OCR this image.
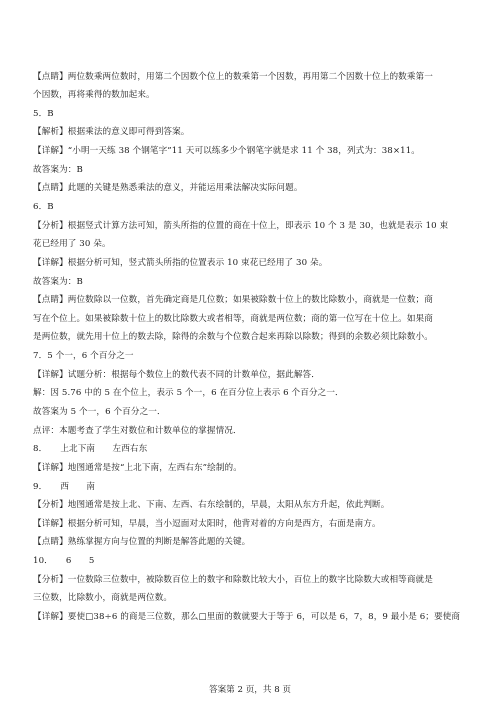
【点睛】两位数乘两位数时，用第二个因数个位上的数乘第一个因数，再用第二个因数十位上的数乘第一
个因数，再将乘得的数加起来。
5．B
【解析】根据乘法的意义即可得到答案。
【详解】“小明一天练 38 个钢笔字”11 天可以练多少个钢笔字就是求 11 个 38，列式为：38×11。
故答案为：B
【点睛】此题的关键是熟悉乘法的意义，并能运用乘法解决实际问题。
6．B
【分析】根据竖式计算方法可知，箭头所指的位置的商在十位上，即表示 10 个 3 是 30，也就是表示 10 束
花已经用了 30 朵。
【详解】根据分析可知，竖式箭头所指的位置表示 10 束花已经用了 30 朵。
故答案为：B
【点睛】两位数除以一位数，首先确定商是几位数；如果被除数十位上的数比除数小，商就是一位数；商
写在个位上。如果被除数十位上的数比除数大或者相等，商就是两位数；商的第一位写在十位上。如果商
是两位数，就先用十位上的数去除，除得的余数与个位数合起来再除以除数；得到的余数必须比除数小。
7．5 个一，6 个百分之一
【详解】试题分析：根据每个数位上的数代表不同的计数单位，据此解答．
解：因 5.76 中的 5 在个位上，表示 5 个一，6 在百分位上表示 6 个百分之一．
故答案为 5 个一，6 个百分之一．
点评：本题考查了学生对数位和计数单位的掌握情况．
8．　　上北下南　　左西右东
【详解】地图通常是按“上北下南，左西右东”绘制的。
9．　　西　　南
【分析】地图通常是按上北、下南、左西、右东绘制的，早晨，太阳从东方升起，依此判断。
【详解】根据分析可知，早晨，当小逗面对太阳时，他背对着的方向是西方，右面是南方。
【点睛】熟练掌握方向与位置的判断是解答此题的关键。
10．　　6　　5
【分析】一位数除三位数中，被除数百位上的数字和除数比较大小，百位上的数字比除数大或相等商就是
三位数，比除数小，商就是两位数。
【详解】要使□38÷6 的商是三位数，那么□里面的数就要大于等于 6，可以是 6，7，8，9 最小是 6；要使商
答案第 2 页，共 8 页
